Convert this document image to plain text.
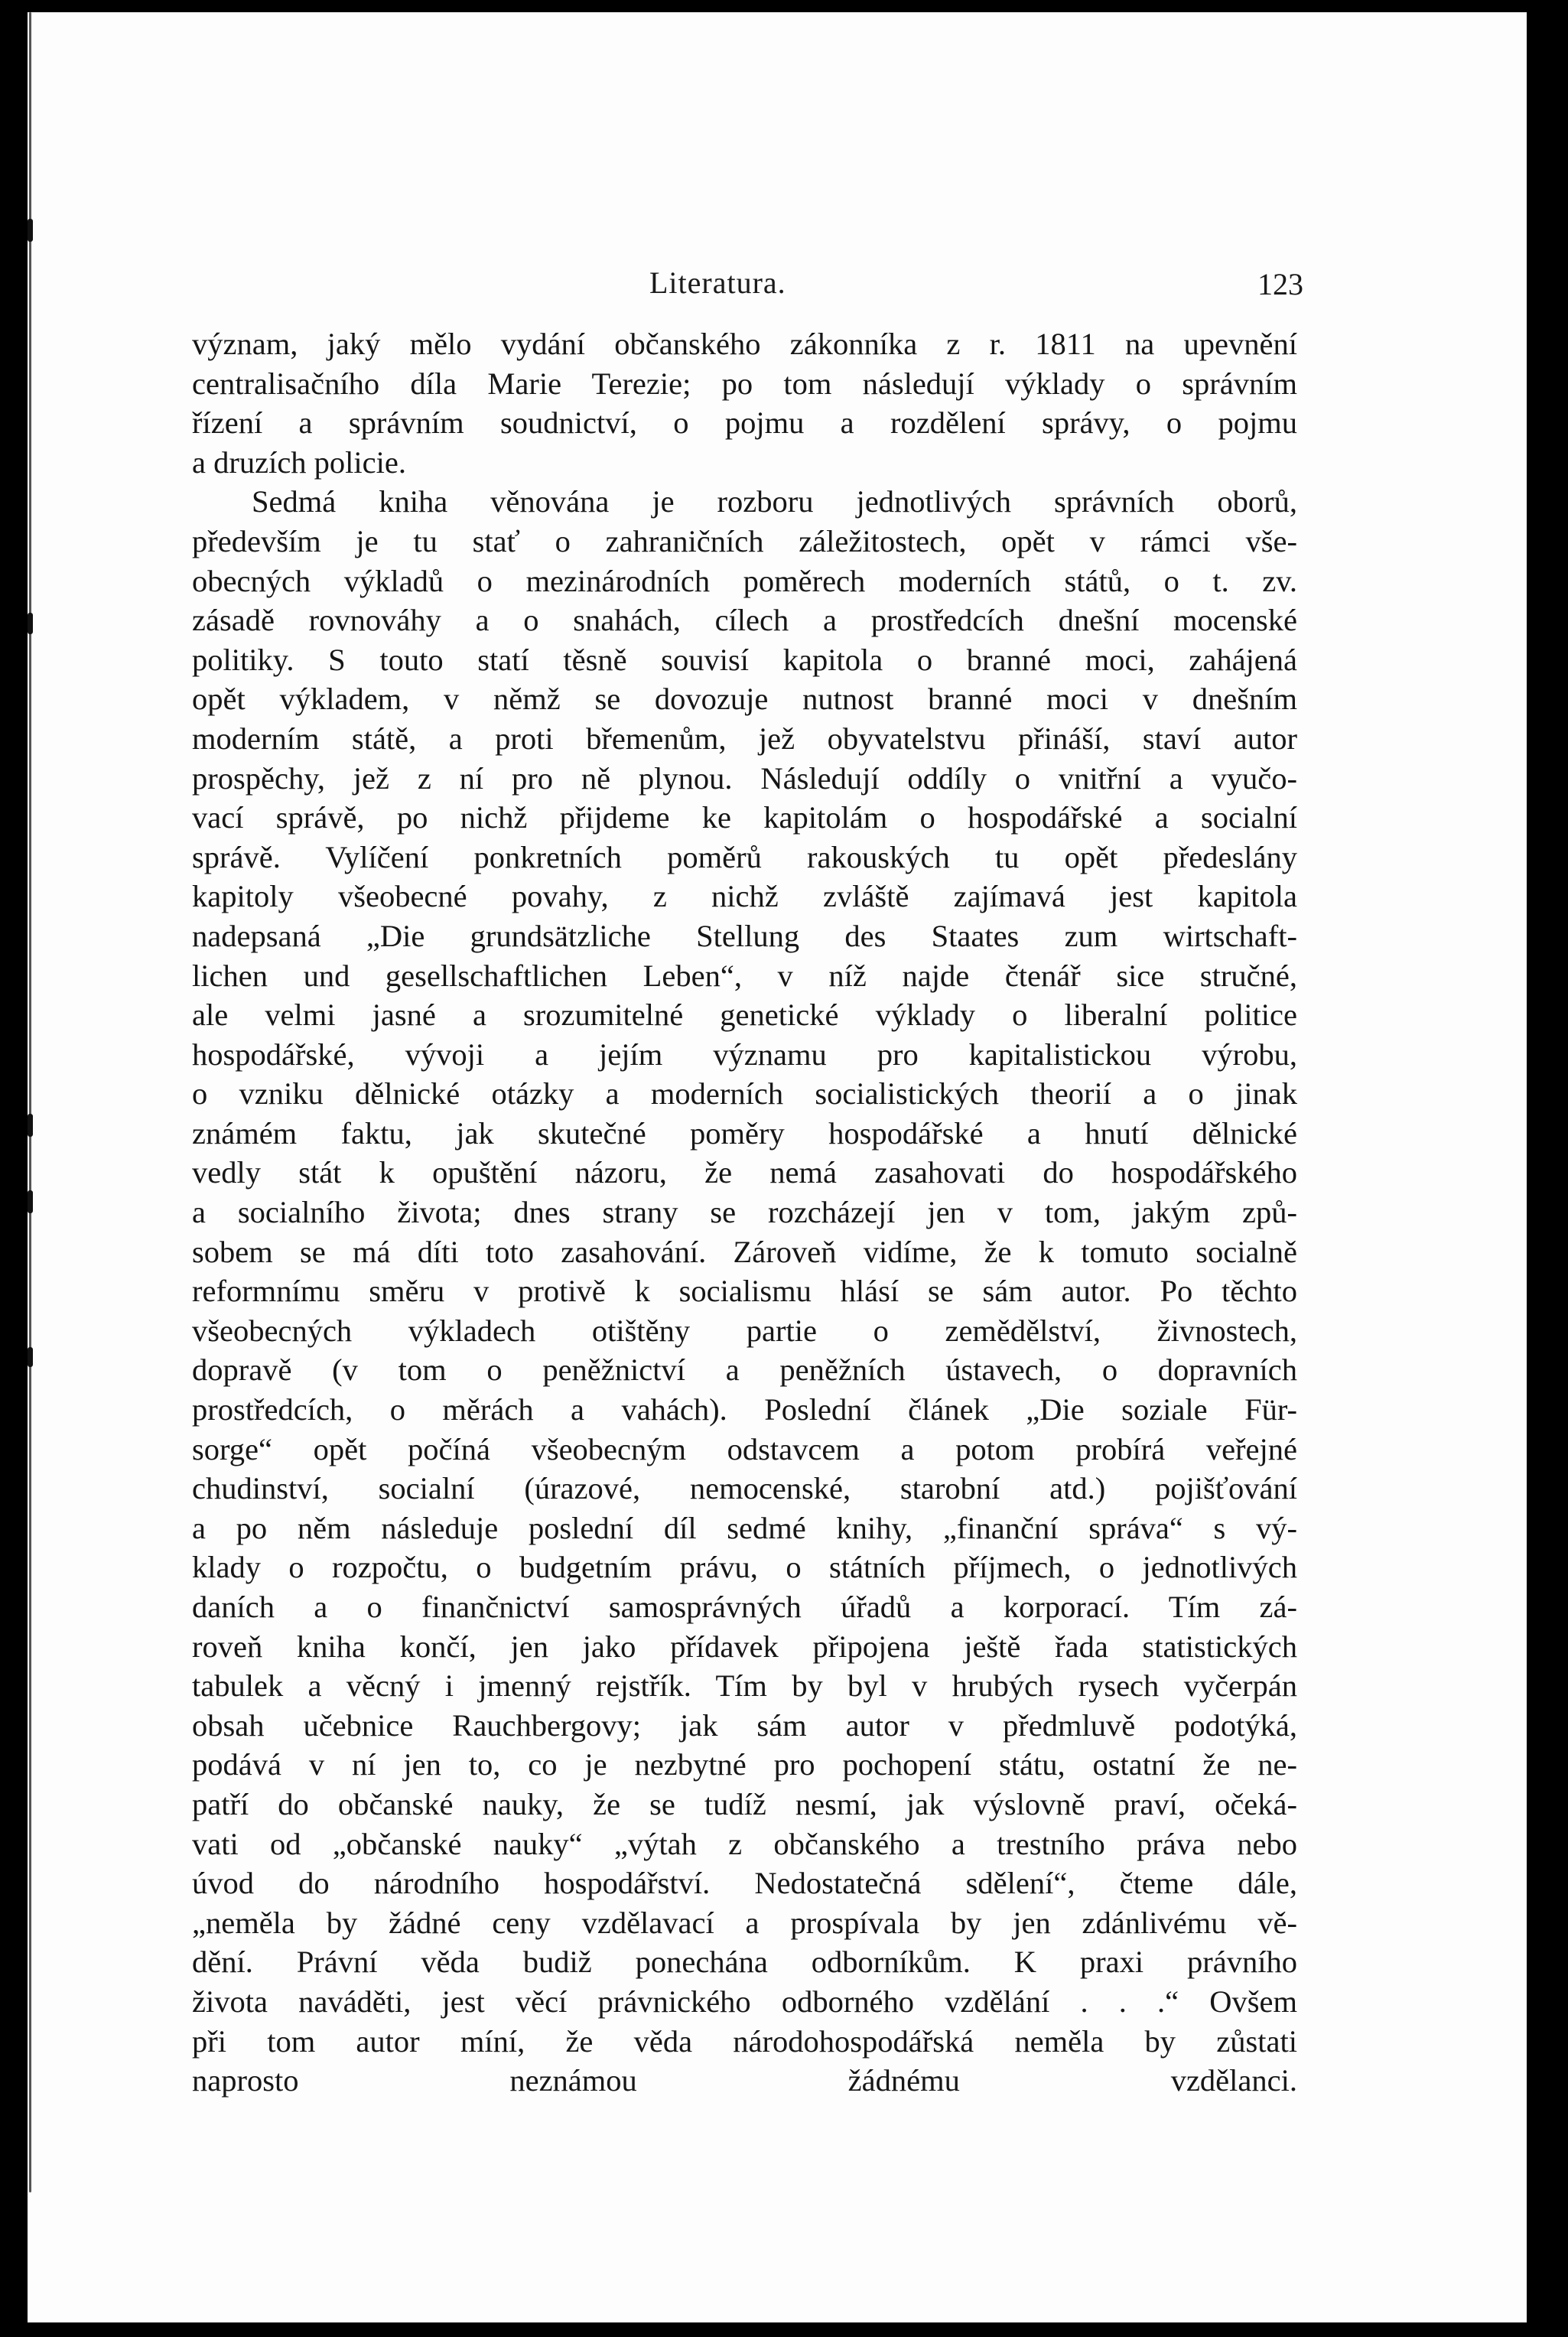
Literatura.	123
význam, jaký mělo vydání občanského zákonníka z r. 1811 na upevnění
centralisačního díla Marie Terezie; po tom následují výklady o správním
řízení a správním soudnictví, o pojmu a rozdělení správy, o pojmu
a druzích policie.
Sedmá kniha věnována je rozboru jednotlivých správních oborů,
především je tu stať o zahraničních záležitostech, opět v rámci vše-
obecných výkladů o mezinárodních poměrech moderních států, o t. zv.
zásadě rovnováhy a o snahách, cílech a prostředcích dnešní mocenské
politiky. S touto statí těsně souvisí kapitola o branné moci, zahájená
opět výkladem, v němž se dovozuje nutnost branné moci v dnešním
moderním státě, a proti břemenům, jež obyvatelstvu přináší, staví autor
prospěchy, jež z ní pro ně plynou. Následují oddíly o vnitřní a vyučo-
vací správě, po nichž přijdeme ke kapitolám o hospodářské a socialní
správě. Vylíčení ponkretních poměrů rakouských tu opět předeslány
kapitoly všeobecné povahy, z nichž zvláště zajímavá jest kapitola
nadepsaná „Die grundsätzliche Stellung des Staates zum wirtschaft-
lichen und gesellschaftlichen Leben“, v níž najde čtenář sice stručné,
ale velmi jasné a srozumitelné genetické výklady o liberalní politice
hospodářské, vývoji a jejím významu pro kapitalistickou výrobu,
o vzniku dělnické otázky a moderních socialistických theorií a o jinak
známém faktu, jak skutečné poměry hospodářské a hnutí dělnické
vedly stát k opuštění názoru, že nemá zasahovati do hospodářského
a socialního života; dnes strany se rozcházejí jen v tom, jakým způ-
sobem se má díti toto zasahování. Zároveň vidíme, že k tomuto socialně
reformnímu směru v protivě k socialismu hlásí se sám autor. Po těchto
všeobecných výkladech otištěny partie o zemědělství, živnostech,
dopravě (v tom o peněžnictví a peněžních ústavech, o dopravních
prostředcích, o měrách a vahách). Poslední článek „Die soziale Für-
sorge“ opět počíná všeobecným odstavcem a potom probírá veřejné
chudinství, socialní (úrazové, nemocenské, starobní atd.) pojišťování
a po něm následuje poslední díl sedmé knihy, „finanční správa“ s vý-
klady o rozpočtu, o budgetním právu, o státních příjmech, o jednotlivých
daních a o finančnictví samosprávných úřadů a korporací. Tím zá-
roveň kniha končí, jen jako přídavek připojena ještě řada statistických
tabulek a věcný i jmenný rejstřík. Tím by byl v hrubých rysech vyčerpán
obsah učebnice Rauchbergovy; jak sám autor v předmluvě podotýká,
podává v ní jen to, co je nezbytné pro pochopení státu, ostatní že ne-
patří do občanské nauky, že se tudíž nesmí, jak výslovně praví, očeká-
vati od „občanské nauky“ „výtah z občanského a trestního práva nebo
úvod do národního hospodářství. Nedostatečná sdělení“, čteme dále,
„neměla by žádné ceny vzdělavací a prospívala by jen zdánlivému vě-
dění. Právní věda budiž ponechána odborníkům. K praxi právního
života naváděti, jest věcí právnického odborného vzdělání . . .“ Ovšem
při tom autor míní, že věda národohospodářská neměla by zůstati
naprosto neznámou žádnému vzdělanci.
